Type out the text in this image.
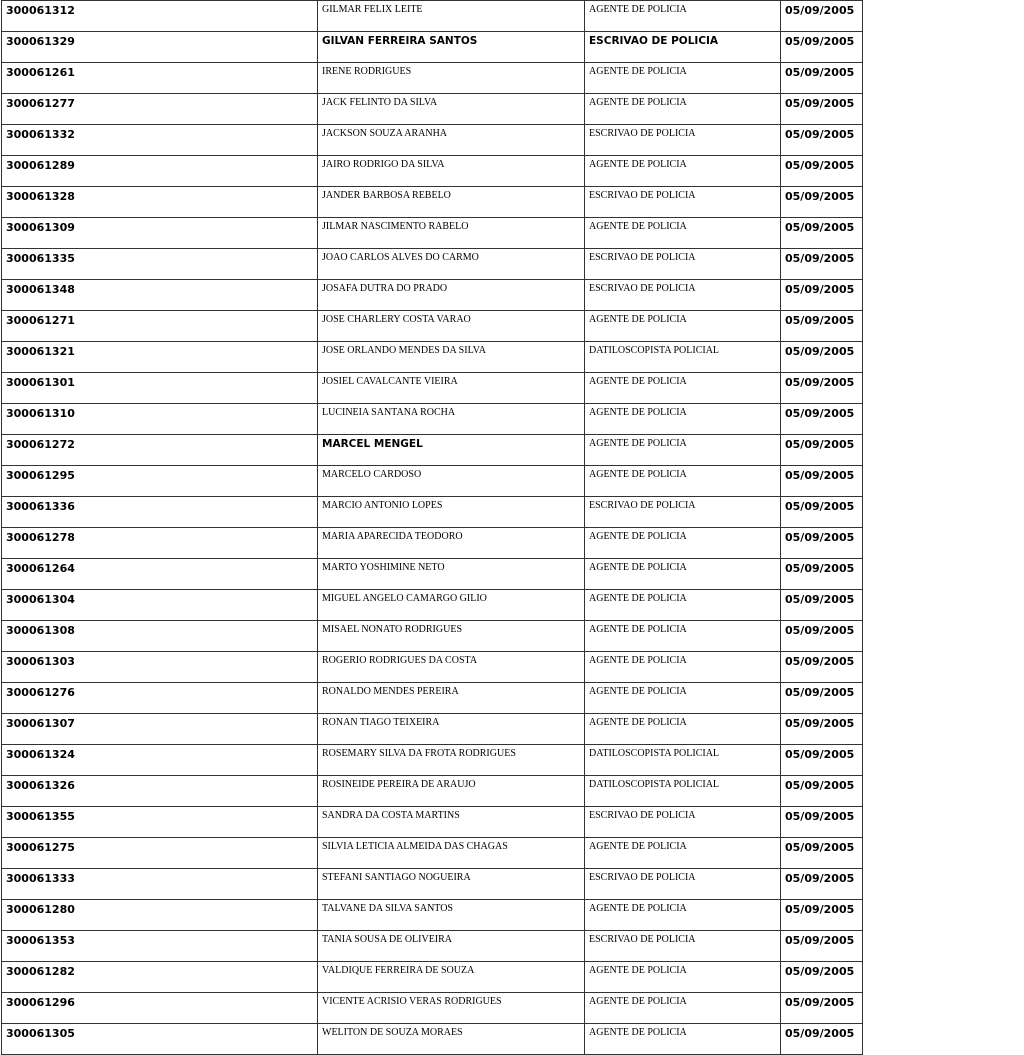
300061312	GILMAR FELIX LEITE	AGENTE DE POLICIA	05/09/2005
300061329	GILVAN FERREIRA SANTOS	ESCRIVAO DE POLICIA	05/09/2005
300061261	IRENE RODRIGUES	AGENTE DE POLICIA	05/09/2005
300061277	JACK FELINTO DA SILVA	AGENTE DE POLICIA	05/09/2005
300061332	JACKSON SOUZA ARANHA	ESCRIVAO DE POLICIA	05/09/2005
300061289	JAIRO RODRIGO DA SILVA	AGENTE DE POLICIA	05/09/2005
300061328	JANDER BARBOSA REBELO	ESCRIVAO DE POLICIA	05/09/2005
300061309	JILMAR NASCIMENTO RABELO	AGENTE DE POLICIA	05/09/2005
300061335	JOAO CARLOS ALVES DO CARMO	ESCRIVAO DE POLICIA	05/09/2005
300061348	JOSAFA DUTRA DO PRADO	ESCRIVAO DE POLICIA	05/09/2005
300061271	JOSE CHARLERY COSTA VARAO	AGENTE DE POLICIA	05/09/2005
300061321	JOSE ORLANDO MENDES DA SILVA	DATILOSCOPISTA POLICIAL	05/09/2005
300061301	JOSIEL CAVALCANTE VIEIRA	AGENTE DE POLICIA	05/09/2005
300061310	LUCINEIA SANTANA ROCHA	AGENTE DE POLICIA	05/09/2005
300061272	MARCEL MENGEL	AGENTE DE POLICIA	05/09/2005
300061295	MARCELO CARDOSO	AGENTE DE POLICIA	05/09/2005
300061336	MARCIO ANTONIO LOPES	ESCRIVAO DE POLICIA	05/09/2005
300061278	MARIA APARECIDA TEODORO	AGENTE DE POLICIA	05/09/2005
300061264	MARTO YOSHIMINE NETO	AGENTE DE POLICIA	05/09/2005
300061304	MIGUEL ANGELO CAMARGO GILIO	AGENTE DE POLICIA	05/09/2005
300061308	MISAEL NONATO RODRIGUES	AGENTE DE POLICIA	05/09/2005
300061303	ROGERIO RODRIGUES DA COSTA	AGENTE DE POLICIA	05/09/2005
300061276	RONALDO MENDES PEREIRA	AGENTE DE POLICIA	05/09/2005
300061307	RONAN TIAGO TEIXEIRA	AGENTE DE POLICIA	05/09/2005
300061324	ROSEMARY SILVA DA FROTA RODRIGUES	DATILOSCOPISTA POLICIAL	05/09/2005
300061326	ROSINEIDE PEREIRA DE ARAUJO	DATILOSCOPISTA POLICIAL	05/09/2005
300061355	SANDRA DA COSTA MARTINS	ESCRIVAO DE POLICIA	05/09/2005
300061275	SILVIA LETICIA ALMEIDA DAS CHAGAS	AGENTE DE POLICIA	05/09/2005
300061333	STEFANI SANTIAGO NOGUEIRA	ESCRIVAO DE POLICIA	05/09/2005
300061280	TALVANE DA SILVA SANTOS	AGENTE DE POLICIA	05/09/2005
300061353	TANIA SOUSA DE OLIVEIRA	ESCRIVAO DE POLICIA	05/09/2005
300061282	VALDIQUE FERREIRA DE SOUZA	AGENTE DE POLICIA	05/09/2005
300061296	VICENTE ACRISIO VERAS RODRIGUES	AGENTE DE POLICIA	05/09/2005
300061305	WELITON DE SOUZA MORAES	AGENTE DE POLICIA	05/09/2005
